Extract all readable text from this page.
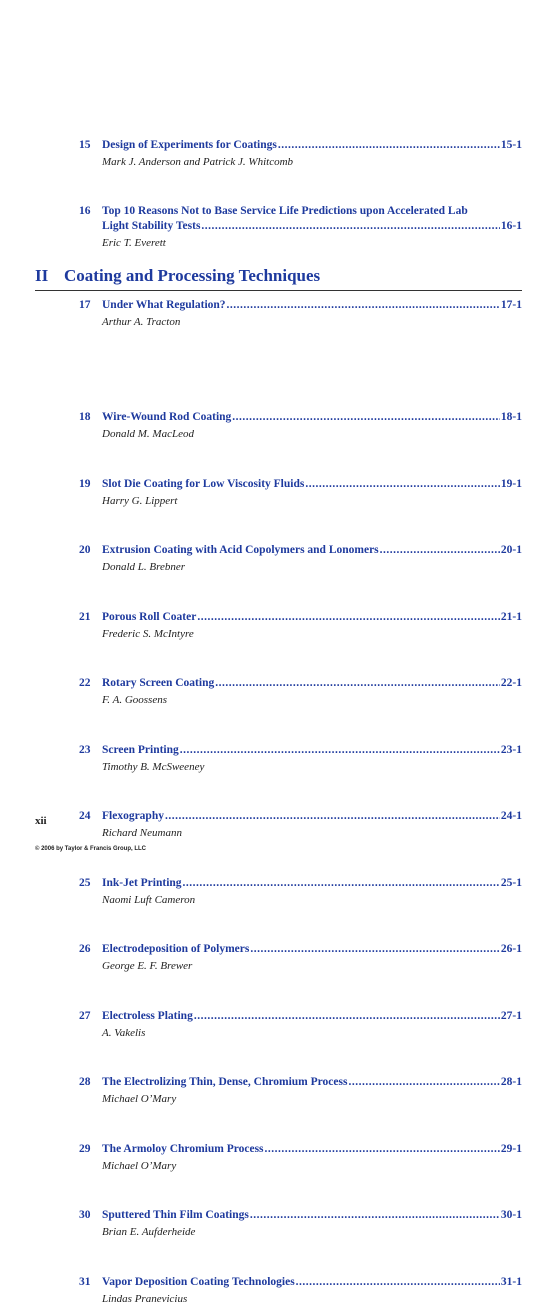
15	Design of Experiments for Coatings .....	15-1
Mark J. Anderson and Patrick J. Whitcomb
16	Top 10 Reasons Not to Base Service Life Predictions upon Accelerated Lab
Light Stability Tests .....	16-1
Eric T. Everett
17	Under What Regulation? .....	17-1
Arthur A. Tracton
II Coating and Processing Techniques
18	Wire-Wound Rod Coating .....	18-1
Donald M. MacLeod
19	Slot Die Coating for Low Viscosity Fluids .....	19-1
Harry G. Lippert
20	Extrusion Coating with Acid Copolymers and Lonomers .....	20-1
Donald L. Brebner
21	Porous Roll Coater .....	21-1
Frederic S. McIntyre
22	Rotary Screen Coating .....	22-1
F. A. Goossens
23	Screen Printing .....	23-1
Timothy B. McSweeney
24	Flexography .....	24-1
Richard Neumann
25	Ink-Jet Printing .....	25-1
Naomi Luft Cameron
26	Electrodeposition of Polymers .....	26-1
George E. F. Brewer
27	Electroless Plating .....	27-1
A. Vakelis
28	The Electrolizing Thin, Dense, Chromium Process .....	28-1
Michael O’Mary
29	The Armoloy Chromium Process .....	29-1
Michael O’Mary
30	Sputtered Thin Film Coatings .....	30-1
Brian E. Aufderheide
31	Vapor Deposition Coating Technologies .....	31-1
Lindas Pranevicius
xii
© 2006 by Taylor & Francis Group, LLC
